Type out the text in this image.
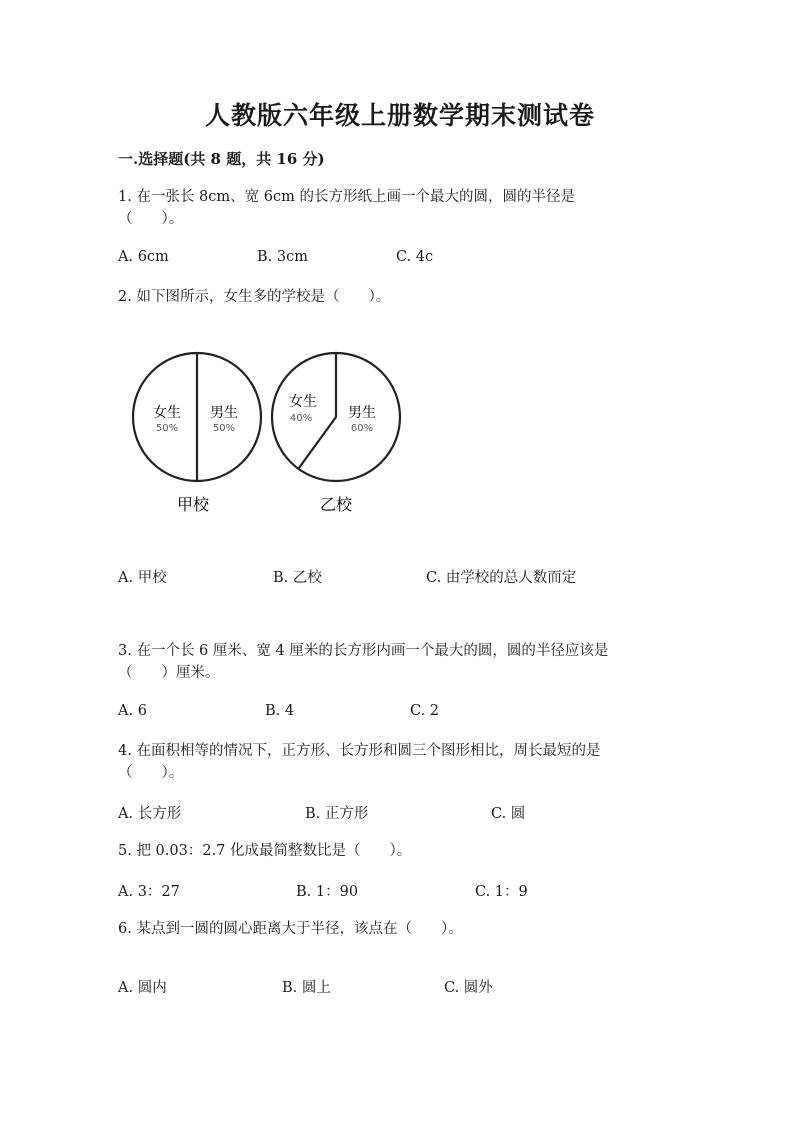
人教版六年级上册数学期末测试卷
一.选择题(共 8 题，共 16 分)
1. 在一张长 8cm、宽 6cm 的长方形纸上画一个最大的圆，圆的半径是
（　　）。
A. 6cm	B. 3cm	C. 4c
2. 如下图所示，女生多的学校是（　　）。
女生
50%
男生
50%
甲校
女生
40%	男生
60%
乙校
A. 甲校	B. 乙校	C. 由学校的总人数而定
3. 在一个长 6 厘米、宽 4 厘米的长方形内画一个最大的圆，圆的半径应该是
（　　）厘米。
A. 6	B. 4	C. 2
4. 在面积相等的情况下，正方形、长方形和圆三个图形相比，周长最短的是
（　　）。
A. 长方形	B. 正方形	C. 圆
5. 把 0.03：2.7 化成最简整数比是（　　）。
A. 3：27	B. 1：90	C. 1：9
6. 某点到一圆的圆心距离大于半径，该点在（　　）。
A. 圆内	B. 圆上	C. 圆外
